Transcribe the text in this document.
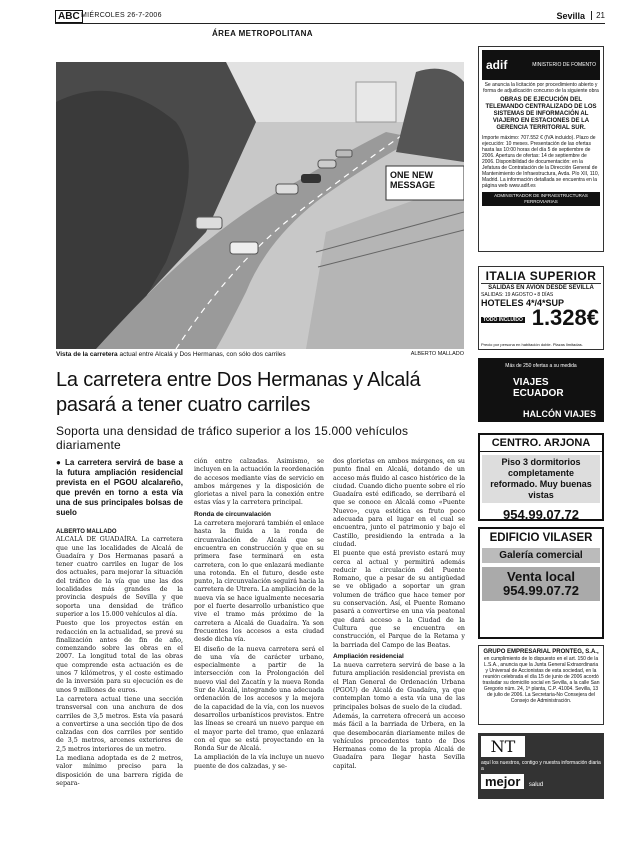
ABC MIÉRCOLES 26-7-2006	Sevilla	21
ÁREA METROPOLITANA
ONE NEW MESSAGE
Vista de la carretera actual entre Alcalá y Dos Hermanas, con sólo dos carriles	ALBERTO MALLADO
La carretera entre Dos Hermanas y Alcalá pasará a tener cuatro carriles
Soporta una densidad de tráfico superior a los 15.000 vehículos diariamente

● La carretera servirá de base a la futura ampliación residencial prevista en el PGOU alcalareño, que prevén en torno a esta vía una de sus principales bolsas de suelo

ALBERTO MALLADO

ALCALÁ DE GUADAÍRA. La carretera que une las localidades de Alcalá de Guadaíra y Dos Hermanas pasará a tener cuatro carriles en lugar de los dos actuales, para mejorar la situación del tráfico de la vía que une las dos localidades más grandes de la provincia después de Sevilla y que soporta una densidad de tráfico superior a los 15.000 vehículos al día.

Puesto que los proyectos están en redacción en la actualidad, se prevé su finalización antes de fin de año, comenzando sobre las obras en el 2007. La longitud total de las obras que comprende esta actuación es de unos 7 kilómetros, y el coste estimado de la inversión para su ejecución es de unos 9 millones de euros.

La carretera actual tiene una sección transversal con una anchura de dos carriles de 3,5 metros. Esta vía pasará a convertirse a una sección tipo de dos calzadas con dos carriles por sentido de 3,5 metros, arcenes exteriores de 2,5 metros interiores de un metro.

La mediana adoptada es de 2 metros, valor mínimo preciso para la disposición de una barrera rígida de separa-

ción entre calzadas. Asimismo, se incluyen en la actuación la reordenación de accesos mediante vías de servicio en ambos márgenes y la disposición de glorietas a nivel para la conexión entre estas vías y la carretera principal.

Ronda de circunvalación

La carretera mejorará también el enlace hasta la fluida a la ronda de circunvalación de Alcalá que se encuentra en construcción y que en su primera fase terminará en esta carretera, con lo que enlazará mediante una rotonda. En el futuro, desde este punto, la circunvalación seguirá hacia la carretera de Utrera. La ampliación de la nueva vía se hace igualmente necesaria por el fuerte desarrollo urbanístico que vive el tramo más próximo de la carretera a Alcalá de Guadaíra. Ya son frecuentes los accesos a esta ciudad desde dicha vía.

El diseño de la nueva carretera será el de una vía de carácter urbano, especialmente a partir de la intersección con la Prolongación del nuevo vial del Zacatín y la nueva Ronda Sur de Alcalá, integrando una adecuada ordenación de los accesos y la mejora de la capacidad de la vía, con los nuevos desarrollos urbanísticos previstos. Entre las líneas se creará un nuevo parque en el mayor parte del tramo, que enlazará con el que se está proyectando en la Ronda Sur de Alcalá.

La ampliación de la vía incluye un nuevo puente de dos calzadas, y se-

dos glorietas en ambos márgenes, en su punto final en Alcalá, dotando de un acceso más fluido al casco histórico de la ciudad. Cuando dicho puente sobre el río Guadaíra esté edificado, se derribará el que se conoce en Alcalá como «Puente Nuevo», cuya estética es fruto poco adecuada para el lugar en el cual se encuentra, junto el patrimonio y bajo el Castillo, presidiendo la entrada a la ciudad.

El puente que está previsto estará muy cerca al actual y permitirá además reducir la circulación del Puente Romano, que a pesar de su antigüedad se ve obligado a soportar un gran volumen de tráfico que hace temer por su conservación. Así, el Puente Romano pasará a convertirse en una vía peatonal que dará acceso a la Ciudad de la Cultura que se encuentra en construcción, el Parque de la Retama y la barriada del Campo de las Beatas.

Ampliación residencial

La nueva carretera servirá de base a la futura ampliación residencial prevista en el Plan General de Ordenación Urbana (PGOU) de Alcalá de Guadaíra, ya que contemplan tomo a esta vía una de las principales bolsas de suelo de la ciudad.

Además, la carretera ofrecerá un acceso más fácil a la barriada de Urbera, en la que desembocarán diariamente miles de vehículos procedentes tanto de Dos Hermanas como de la propia Alcalá de Guadaíra para llegar hasta Sevilla capital.

adif	MINISTERIO DE FOMENTO
Se anuncia la licitación por procedimiento abierto y forma de adjudicación concurso de la siguiente obra
OBRAS DE EJECUCIÓN DEL TELEMANDO CENTRALIZADO DE LOS SISTEMAS DE INFORMACIÓN AL VIAJERO EN ESTACIONES DE LA GERENCIA TERRITORIAL SUR.
Importe máximo: 707.552 € (IVA incluido). Plazo de ejecución: 10 meses. Presentación de las ofertas hasta las 10:00 horas del día 5 de septiembre de 2006. Apertura de ofertas: 14 de septiembre de 2006. Disponibilidad de documentación: en la Jefatura de Contratación de la Dirección General de Mantenimiento de Infraestructura, Avda. Pío XII, 110, Madrid. La información detallada se encuentra en la página web www.adif.es
ADMINISTRADOR DE INFRAESTRUCTURAS FERROVIARIAS
ITALIA SUPERIOR
SALIDAS EN AVIÓN DESDE SEVILLA
SALIDAS: 19 AGOSTO • 8 DÍAS
HOTELES 4*/4*SUP
TODO INCLUIDO 1.328€
Precio por persona en habitación doble. Plazas limitadas.
Más de 250 ofertas a su medida
VIAJES ECUADOR
HALCÓN VIAJES
CENTRO. ARJONA
Piso 3 dormitorios completamente reformado. Muy buenas vistas
954.99.07.72
EDIFICIO VILASER
Galería comercial
Venta local
954.99.07.72
GRUPO EMPRESARIAL PRONTEG, S.A.,
en cumplimiento de lo dispuesto en el art. 150 de la L.S.A., anuncia que la Junta General Extraordinaria y Universal de Accionistas de esta sociedad, en la reunión celebrada el día 15 de junio de 2006 acordó trasladar su domicilio social en Sevilla, a la calle San Gregorio núm. 24, 1ª planta, C.P. 41004. Sevilla, 13 de julio de 2006. La Secretaria-No Consejera del Consejo de Administración.
NT
aquí los nuestros, contigo y nuestra información diaria a
mejor salud
